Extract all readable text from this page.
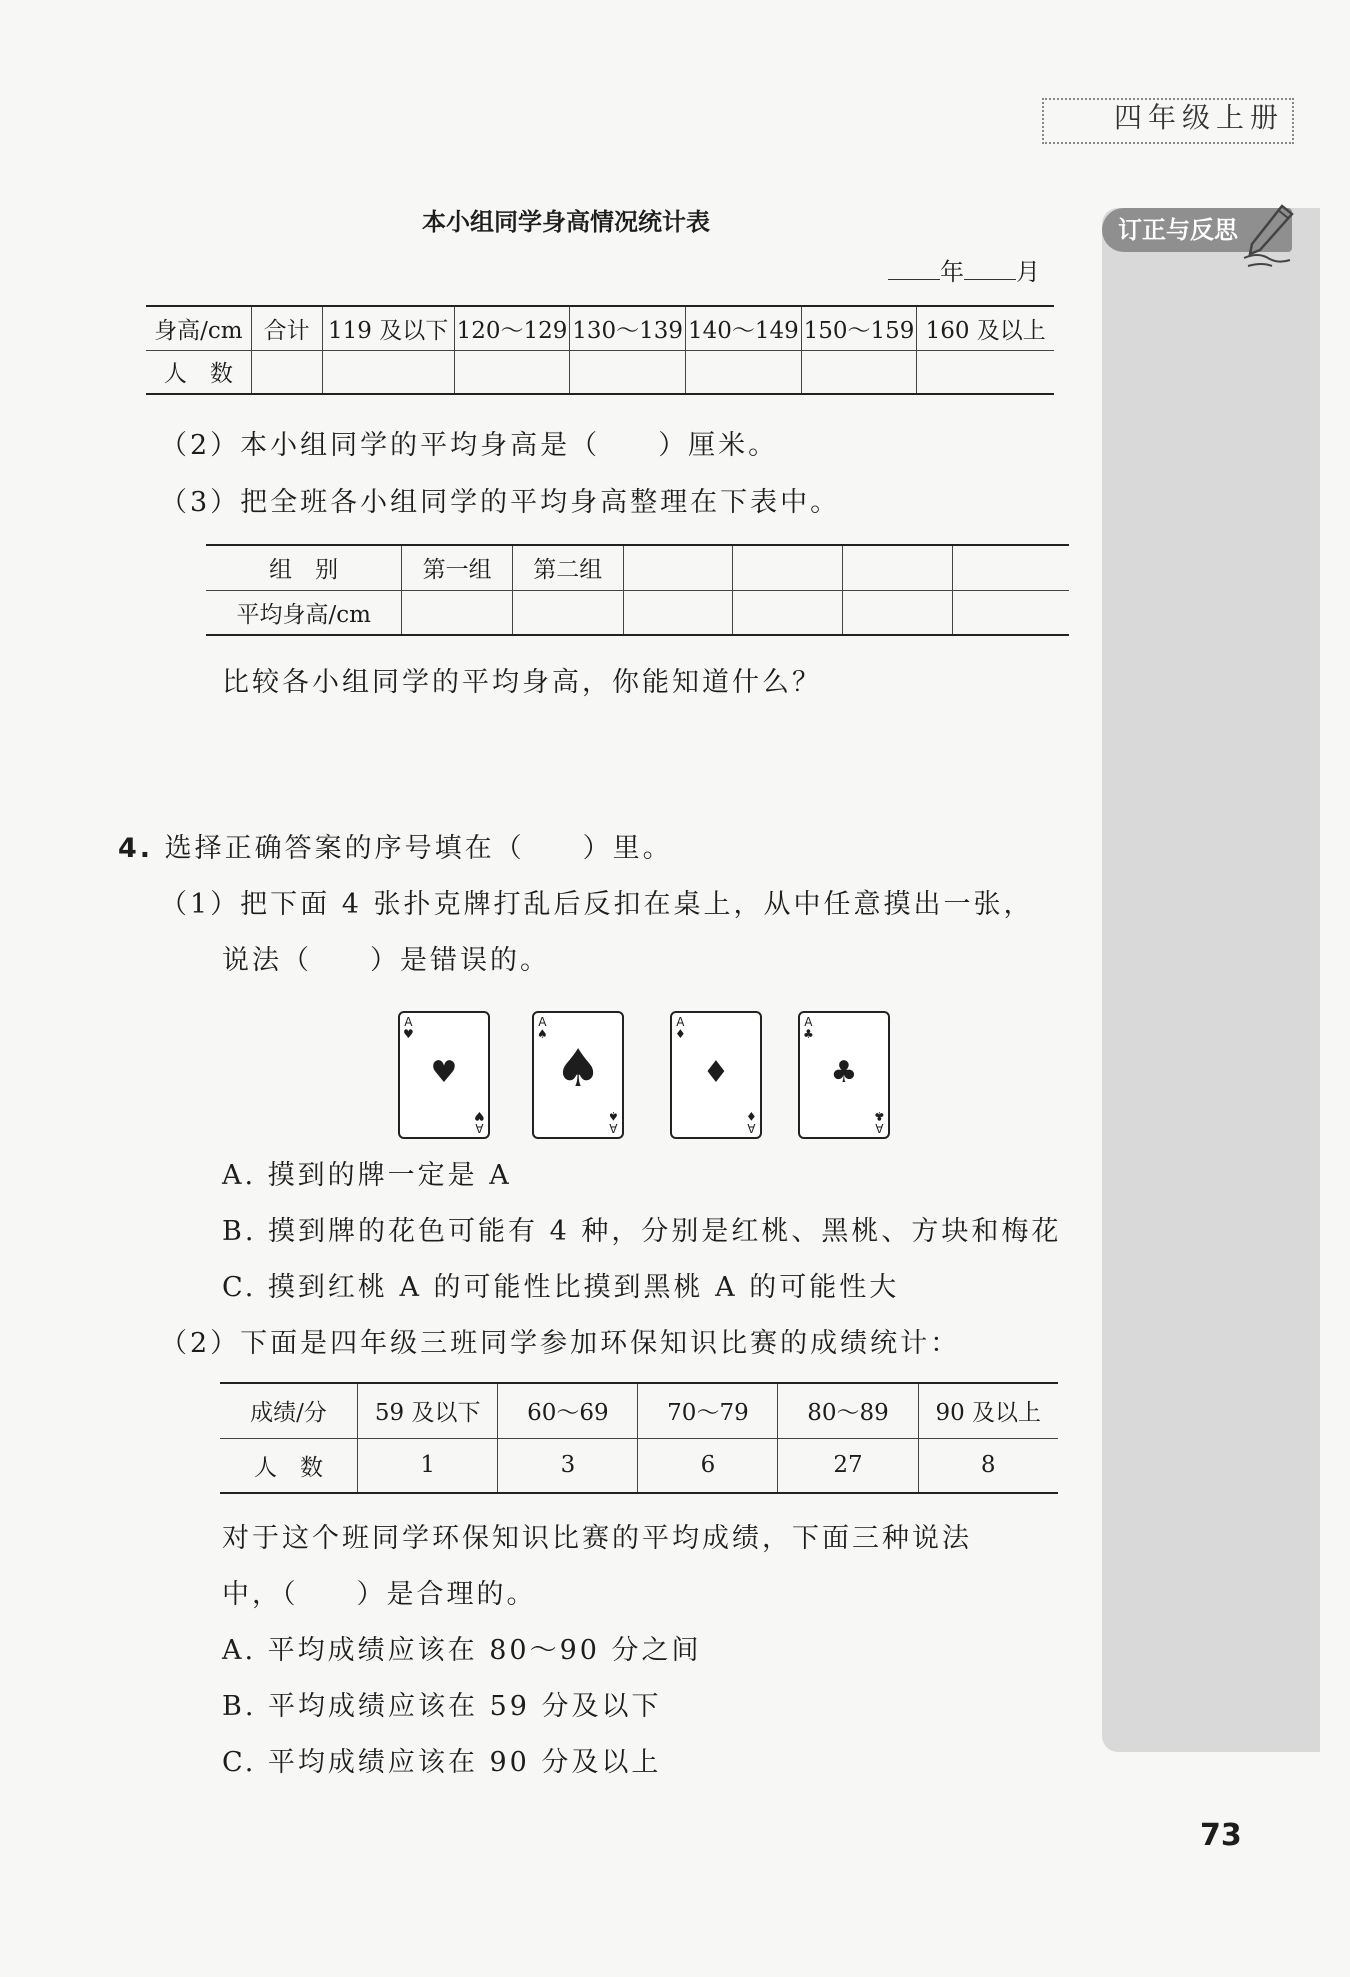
四年级上册
订正与反思
本小组同学身高情况统计表
年 月
身高/cm	合计	119 及以下	120～129	130～139	140～149	150～159	160 及以上
人　数							
（2）本小组同学的平均身高是（ ）厘米。
（3）把全班各小组同学的平均身高整理在下表中。
组　别	第一组	第二组				
平均身高/cm						
比较各小组同学的平均身高，你能知道什么？
4. 选择正确答案的序号填在（ ）里。
（1）把下面 4 张扑克牌打乱后反扣在桌上，从中任意摸出一张，
说法（ ）是错误的。
A
♥
♥
A
♥
A
♠
♠
A
♠
A
♦
♦
A
♦
A
♣
♣
A
♣
A. 摸到的牌一定是 A
B. 摸到牌的花色可能有 4 种，分别是红桃、黑桃、方块和梅花
C. 摸到红桃 A 的可能性比摸到黑桃 A 的可能性大
（2）下面是四年级三班同学参加环保知识比赛的成绩统计：
成绩/分	59 及以下	60～69	70～79	80～89	90 及以上
人　数	1	3	6	27	8
对于这个班同学环保知识比赛的平均成绩，下面三种说法
中，（ ）是合理的。
A. 平均成绩应该在 80～90 分之间
B. 平均成绩应该在 59 分及以下
C. 平均成绩应该在 90 分及以上
73
